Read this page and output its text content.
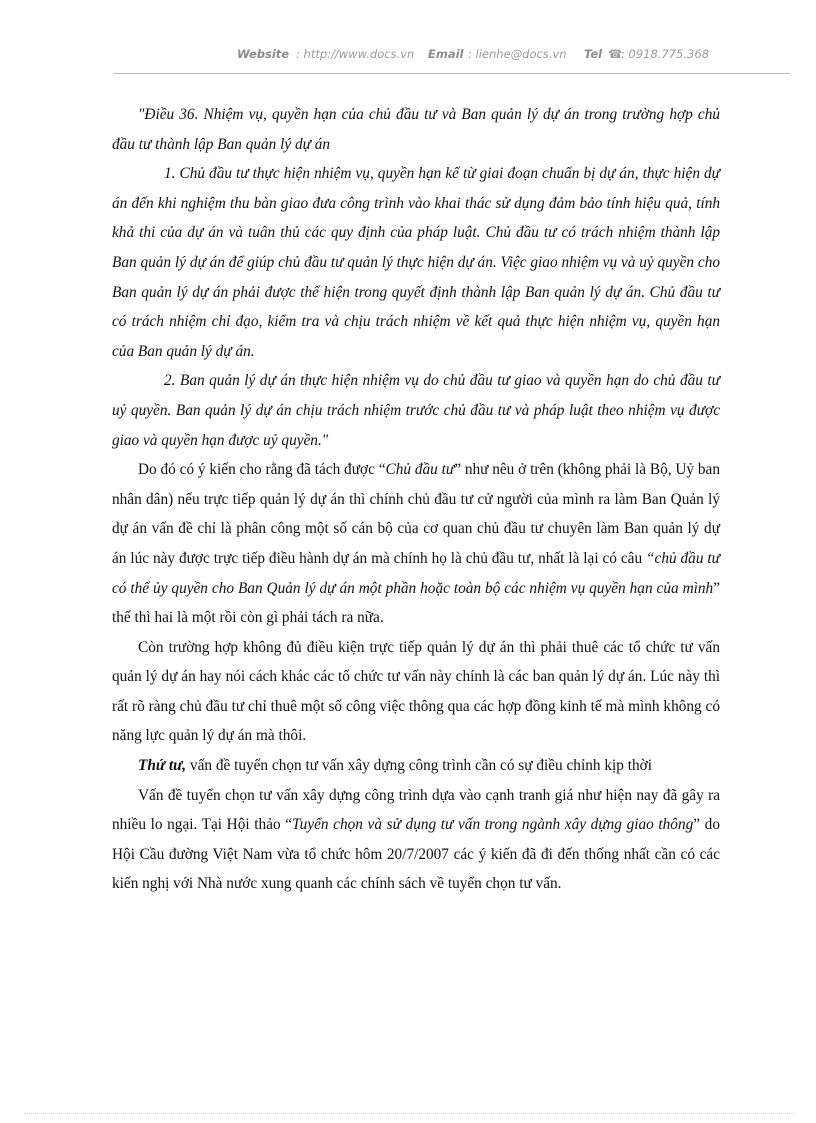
Website : http://www.docs.vn Email : lienhe@docs.vn Tel ☎
: 0918.775.368

"Điều 36. Nhiệm vụ, quyền hạn của chủ đầu tư và Ban quản lý dự án trong trường hợp chủ đầu tư thành lập Ban quản lý dự án

1. Chủ đầu tư thực hiện nhiệm vụ, quyền hạn kể từ giai đoạn chuẩn bị dự án, thực hiện dự án đến khi nghiệm thu bàn giao đưa công trình vào khai thác sử dụng đảm bảo tính hiệu quả, tính khả thi của dự án và tuân thủ các quy định của pháp luật. Chủ đầu tư có trách nhiệm thành lập Ban quản lý dự án để giúp chủ đầu tư quản lý thực hiện dự án. Việc giao nhiệm vụ và uỷ quyền cho Ban quản lý dự án phải được thể hiện trong quyết định thành lập Ban quản lý dự án. Chủ đầu tư có trách nhiệm chỉ đạo, kiểm tra và chịu trách nhiệm về kết quả thực hiện nhiệm vụ, quyền hạn của Ban quản lý dự án.

2. Ban quản lý dự án thực hiện nhiệm vụ do chủ đầu tư giao và quyền hạn do chủ đầu tư uỷ quyền. Ban quản lý dự án chịu trách nhiệm trước chủ đầu tư và pháp luật theo nhiệm vụ được giao và quyền hạn được uỷ quyền."

Do đó có ý kiến cho rằng đã tách được “Chủ đầu tư” như nêu ở trên (không phải là Bộ, Uỷ ban nhân dân) nếu trực tiếp quản lý dự án thì chính chủ đầu tư cử người của mình ra làm Ban Quản lý dự án vấn đề chỉ là phân công một số cán bộ của cơ quan chủ đầu tư chuyên làm Ban quản lý dự án lúc này được trực tiếp điều hành dự án mà chính họ là chủ đầu tư, nhất là lại có câu “chủ đầu tư có thể ủy quyền cho Ban Quản lý dự án một phần hoặc toàn bộ các nhiệm vụ quyền hạn của mình” thế thì hai là một rồi còn gì phải tách ra nữa.

Còn trường hợp không đủ điều kiện trực tiếp quản lý dự án thì phải thuê các tổ chức tư vấn quản lý dự án hay nói cách khác các tổ chức tư vấn này chính là các ban quản lý dự án. Lúc này thì rất rõ ràng chủ đầu tư chỉ thuê một số công việc thông qua các hợp đồng kinh tế mà mình không có năng lực quản lý dự án mà thôi.

Thứ tư, vấn đề tuyển chọn tư vấn xây dựng công trình cần có sự điều chỉnh kịp thời

Vấn đề tuyển chọn tư vấn xây dựng công trình dựa vào cạnh tranh giá như hiện nay đã gây ra nhiều lo ngại. Tại Hội thảo “Tuyển chọn và sử dụng tư vấn trong ngành xây dựng giao thông” do Hội Cầu đường Việt Nam vừa tổ chức hôm 20/7/2007 các ý kiến đã đi đến thống nhất cần có các kiến nghị với Nhà nước xung quanh các chính sách về tuyển chọn tư vấn.
